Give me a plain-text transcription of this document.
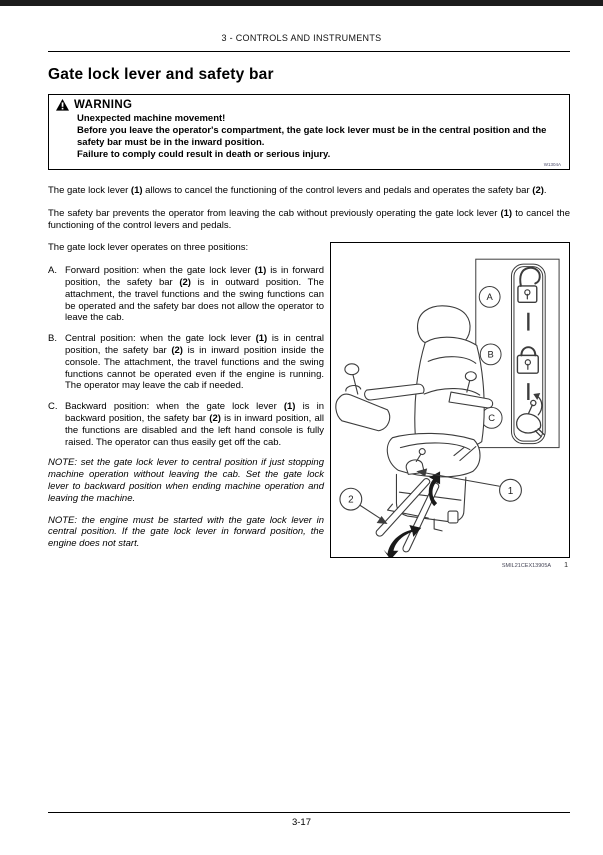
3 - CONTROLS AND INSTRUMENTS
Gate lock lever and safety bar
WARNING

Unexpected machine movement!

Before you leave the operator's compartment, the gate lock lever must be in the central position and the safety bar must be in the inward position.

Failure to comply could result in death or serious injury.

W1304A

The gate lock lever (1) allows to cancel the functioning of the control levers and pedals and operates the safety bar (2).

The safety bar prevents the operator from leaving the cab without previously operating the gate lock lever (1) to cancel the functioning of the control levers and pedals.

The gate lock lever operates on three positions:

A. Forward position: when the gate lock lever (1) is in forward position, the safety bar (2) is in outward position. The attachment, the travel functions and the swing functions can be operated and the safety bar does not allow the operator to leave the cab.
B. Central position: when the gate lock lever (1) is in central position, the safety bar (2) is in inward position inside the console. The attachment, the travel functions and the swing functions cannot be operated even if the engine is running. The operator may leave the cab if needed.
C. Backward position: when the gate lock lever (1) is in backward position, the safety bar (2) is in inward position, all the functions are disabled and the left hand console is fully raised. The operator can thus easily get off the cab.

NOTE: set the gate lock lever to central position if just stopping machine operation without leaving the cab. Set the gate lock lever to backward position when ending machine operation and leaving the machine.

NOTE: the engine must be started with the gate lock lever in central position. If the gate lock lever in forward position, the engine does not start.

A
B
C
1
2
SMIL21CEX13905A 1
3-17
